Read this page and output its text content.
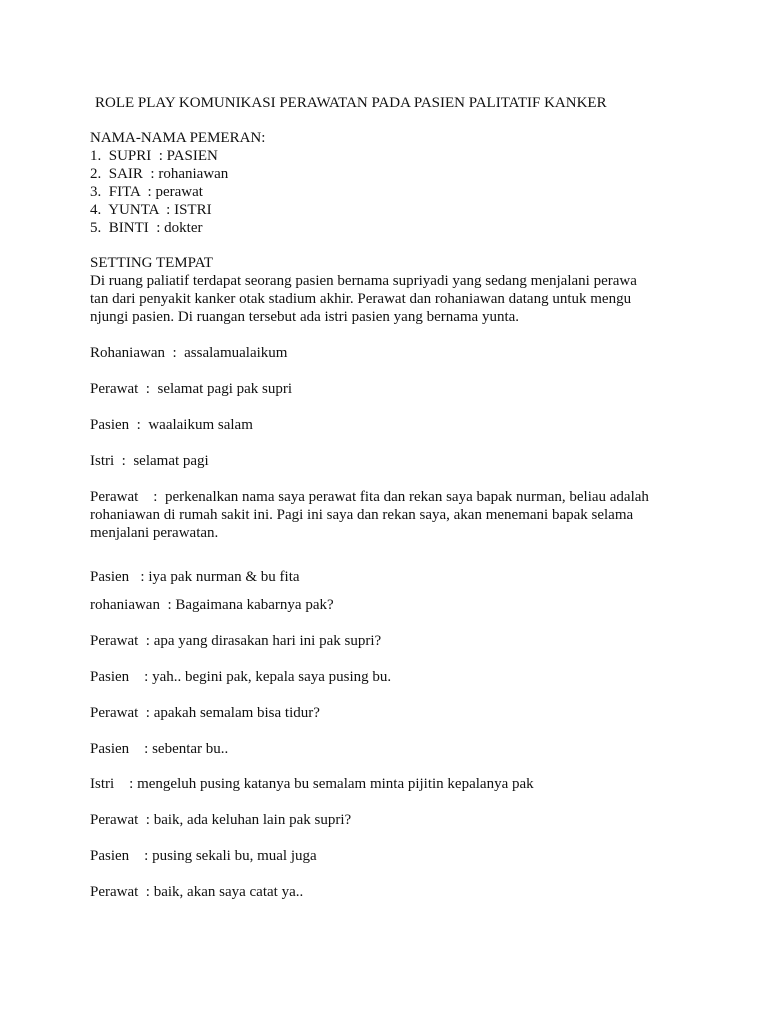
ROLE PLAY KOMUNIKASI PERAWATAN PADA PASIEN PALITATIF KANKER
NAMA-NAMA PEMERAN:
1.  SUPRI  : PASIEN
2.  SAIR  : rohaniawan
3.  FITA  : perawat
4.  YUNTA  : ISTRI
5.  BINTI  : dokter
SETTING TEMPAT
Di ruang paliatif terdapat seorang pasien bernama supriyadi yang sedang menjalani perawa
tan dari penyakit kanker otak stadium akhir. Perawat dan rohaniawan datang untuk mengu
njungi pasien. Di ruangan tersebut ada istri pasien yang bernama yunta.
Rohaniawan  :  assalamualaikum
Perawat  :  selamat pagi pak supri
Pasien  :  waalaikum salam
Istri  :  selamat pagi
Perawat    :  perkenalkan nama saya perawat fita dan rekan saya bapak nurman, beliau adalah
rohaniawan di rumah sakit ini. Pagi ini saya dan rekan saya, akan menemani bapak selama
menjalani perawatan.
Pasien   : iya pak nurman & bu fita
rohaniawan  : Bagaimana kabarnya pak?
Perawat  : apa yang dirasakan hari ini pak supri?
Pasien    : yah.. begini pak, kepala saya pusing bu.
Perawat  : apakah semalam bisa tidur?
Pasien    : sebentar bu..
Istri    : mengeluh pusing katanya bu semalam minta pijitin kepalanya pak
Perawat  : baik, ada keluhan lain pak supri?
Pasien    : pusing sekali bu, mual juga
Perawat  : baik, akan saya catat ya..
